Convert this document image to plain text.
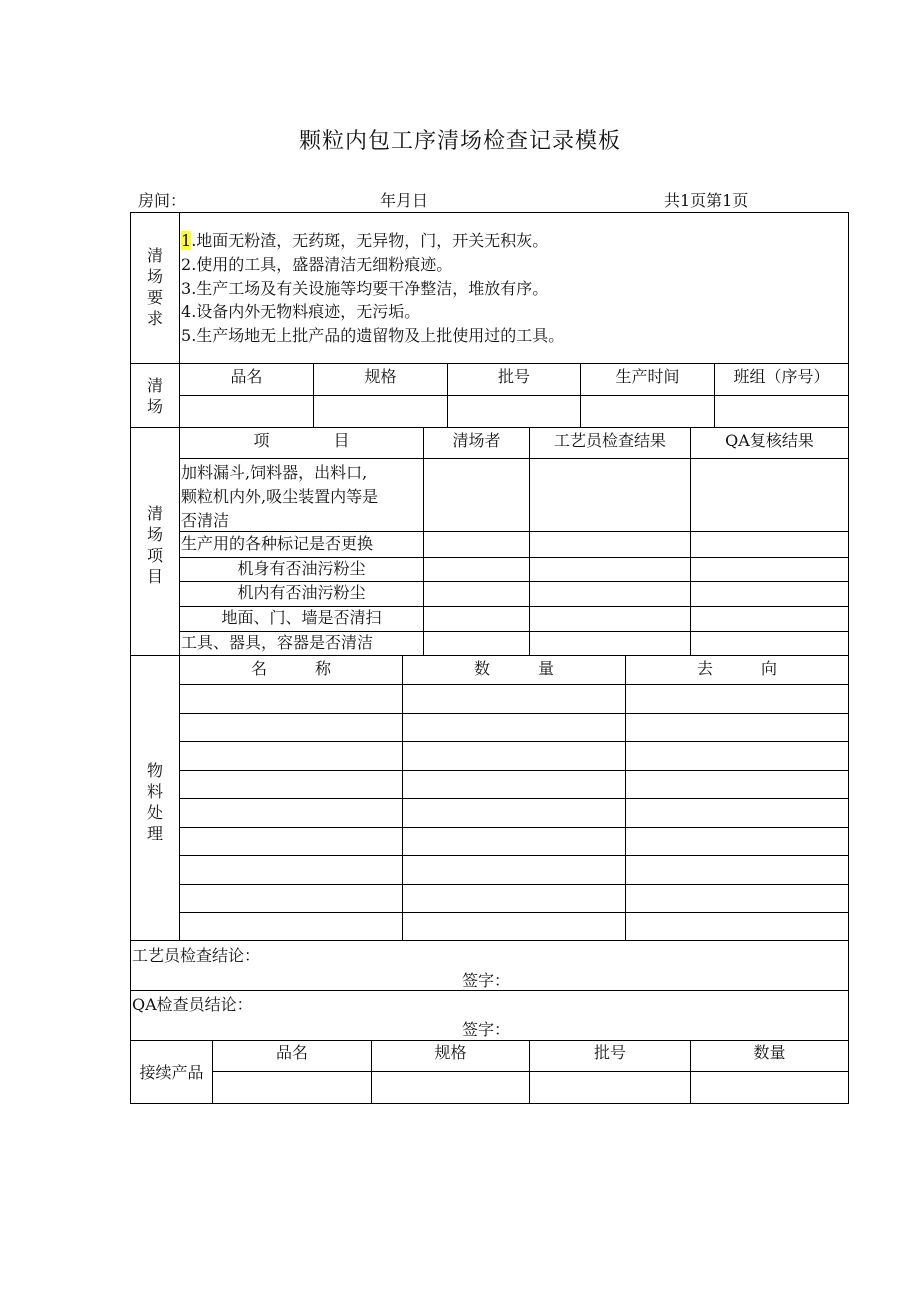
颗粒内包工序清场检查记录模板
房间：	年月日	共1页第1页
清
场
要
求
1.地面无粉渣，无药斑，无异物，门，开关无积灰。
2.使用的工具，盛器清洁无细粉痕迹。
3.生产工场及有关设施等均要干净整洁，堆放有序。
4.设备内外无物料痕迹，无污垢。
5.生产场地无上批产品的遗留物及上批使用过的工具。
清
场
品名	规格	批号	生产时间	班组（序号）
清
场
项
目
项　　　　目	清场者	工艺员检查结果	QA复核结果
加料漏斗,饲料器，出料口,
颗粒机内外,吸尘装置内等是
否清洁
生产用的各种标记是否更换
机身有否油污粉尘
机内有否油污粉尘
地面、门、墙是否清扫
工具、器具，容器是否清洁
物
料
处
理
名　　　称	数　　　量	去　　　向
工艺员检查结论：
签字：
QA检查员结论：
签字：
接续产品
品名	规格	批号	数量
